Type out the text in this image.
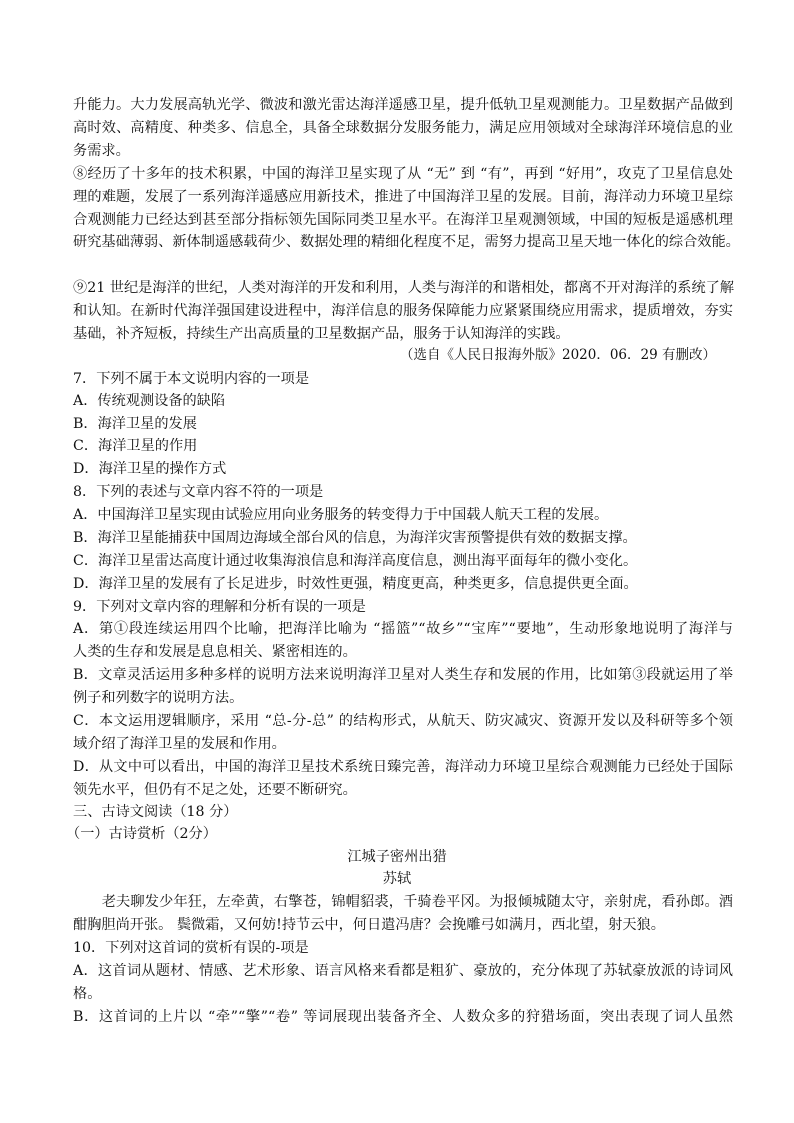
升能力。大力发展高轨光学、微波和激光雷达海洋遥感卫星，提升低轨卫星观测能力。卫星数据产品做到
高时效、高精度、种类多、信息全，具备全球数据分发服务能力，满足应用领域对全球海洋环境信息的业
务需求。
⑧经历了十多年的技术积累，中国的海洋卫星实现了从 “无” 到 “有”，再到 “好用”，攻克了卫星信息处
理的难题，发展了一系列海洋遥感应用新技术，推进了中国海洋卫星的发展。目前，海洋动力环境卫星综
合观测能力已经达到甚至部分指标领先国际同类卫星水平。在海洋卫星观测领域，中国的短板是遥感机理
研究基础薄弱、新体制遥感载荷少、数据处理的精细化程度不足，需努力提高卫星天地一体化的综合效能。
⑨21 世纪是海洋的世纪，人类对海洋的开发和利用，人类与海洋的和谐相处，都离不开对海洋的系统了解
和认知。在新时代海洋强国建设进程中，海洋信息的服务保障能力应紧紧围绕应用需求，提质增效，夯实
基础，补齐短板，持续生产出高质量的卫星数据产品，服务于认知海洋的实践。
（选自《人民日报海外版》2020．06．29 有删改）
7．下列不属于本文说明内容的一项是
A．传统观测设备的缺陷
B．海洋卫星的发展
C．海洋卫星的作用
D．海洋卫星的操作方式
8．下列的表述与文章内容不符的一项是
A．中国海洋卫星实现由试验应用向业务服务的转变得力于中国载人航天工程的发展。
B．海洋卫星能捕获中国周边海域全部台风的信息，为海洋灾害预警提供有效的数据支撑。
C．海洋卫星雷达高度计通过收集海浪信息和海洋高度信息，测出海平面每年的微小变化。
D．海洋卫星的发展有了长足进步，时效性更强，精度更高，种类更多，信息提供更全面。
9．下列对文章内容的理解和分析有误的一项是
A．第①段连续运用四个比喻，把海洋比喻为 “摇篮”“故乡”“宝库”“要地”，生动形象地说明了海洋与
人类的生存和发展是息息相关、紧密相连的。
B．文章灵活运用多种多样的说明方法来说明海洋卫星对人类生存和发展的作用，比如第③段就运用了举
例子和列数字的说明方法。
C．本文运用逻辑顺序，采用 “总-分-总” 的结构形式，从航天、防灾减灾、资源开发以及科研等多个领
域介绍了海洋卫星的发展和作用。
D．从文中可以看出，中国的海洋卫星技术系统日臻完善，海洋动力环境卫星综合观测能力已经处于国际
领先水平，但仍有不足之处，还要不断研究。
三、古诗文阅读（18 分）
（一）古诗赏析（2分）
江城子密州出猎
苏轼
　　老夫聊发少年狂，左牵黄，右擎苍，锦帽貂裘，千骑卷平冈。为报倾城随太守，亲射虎，看孙郎。酒
酣胸胆尚开张。 鬓微霜，又何妨!持节云中，何日遣冯唐？会挽雕弓如满月，西北望，射天狼。
10．下列对这首词的赏析有误的-项是
A．这首词从题材、情感、艺术形象、语言风格来看都是粗犷、豪放的，充分体现了苏轼豪放派的诗词风
格。
B．这首词的上片以 “牵”“擎”“卷” 等词展现出装备齐全、人数众多的狩猎场面，突出表现了词人虽然
